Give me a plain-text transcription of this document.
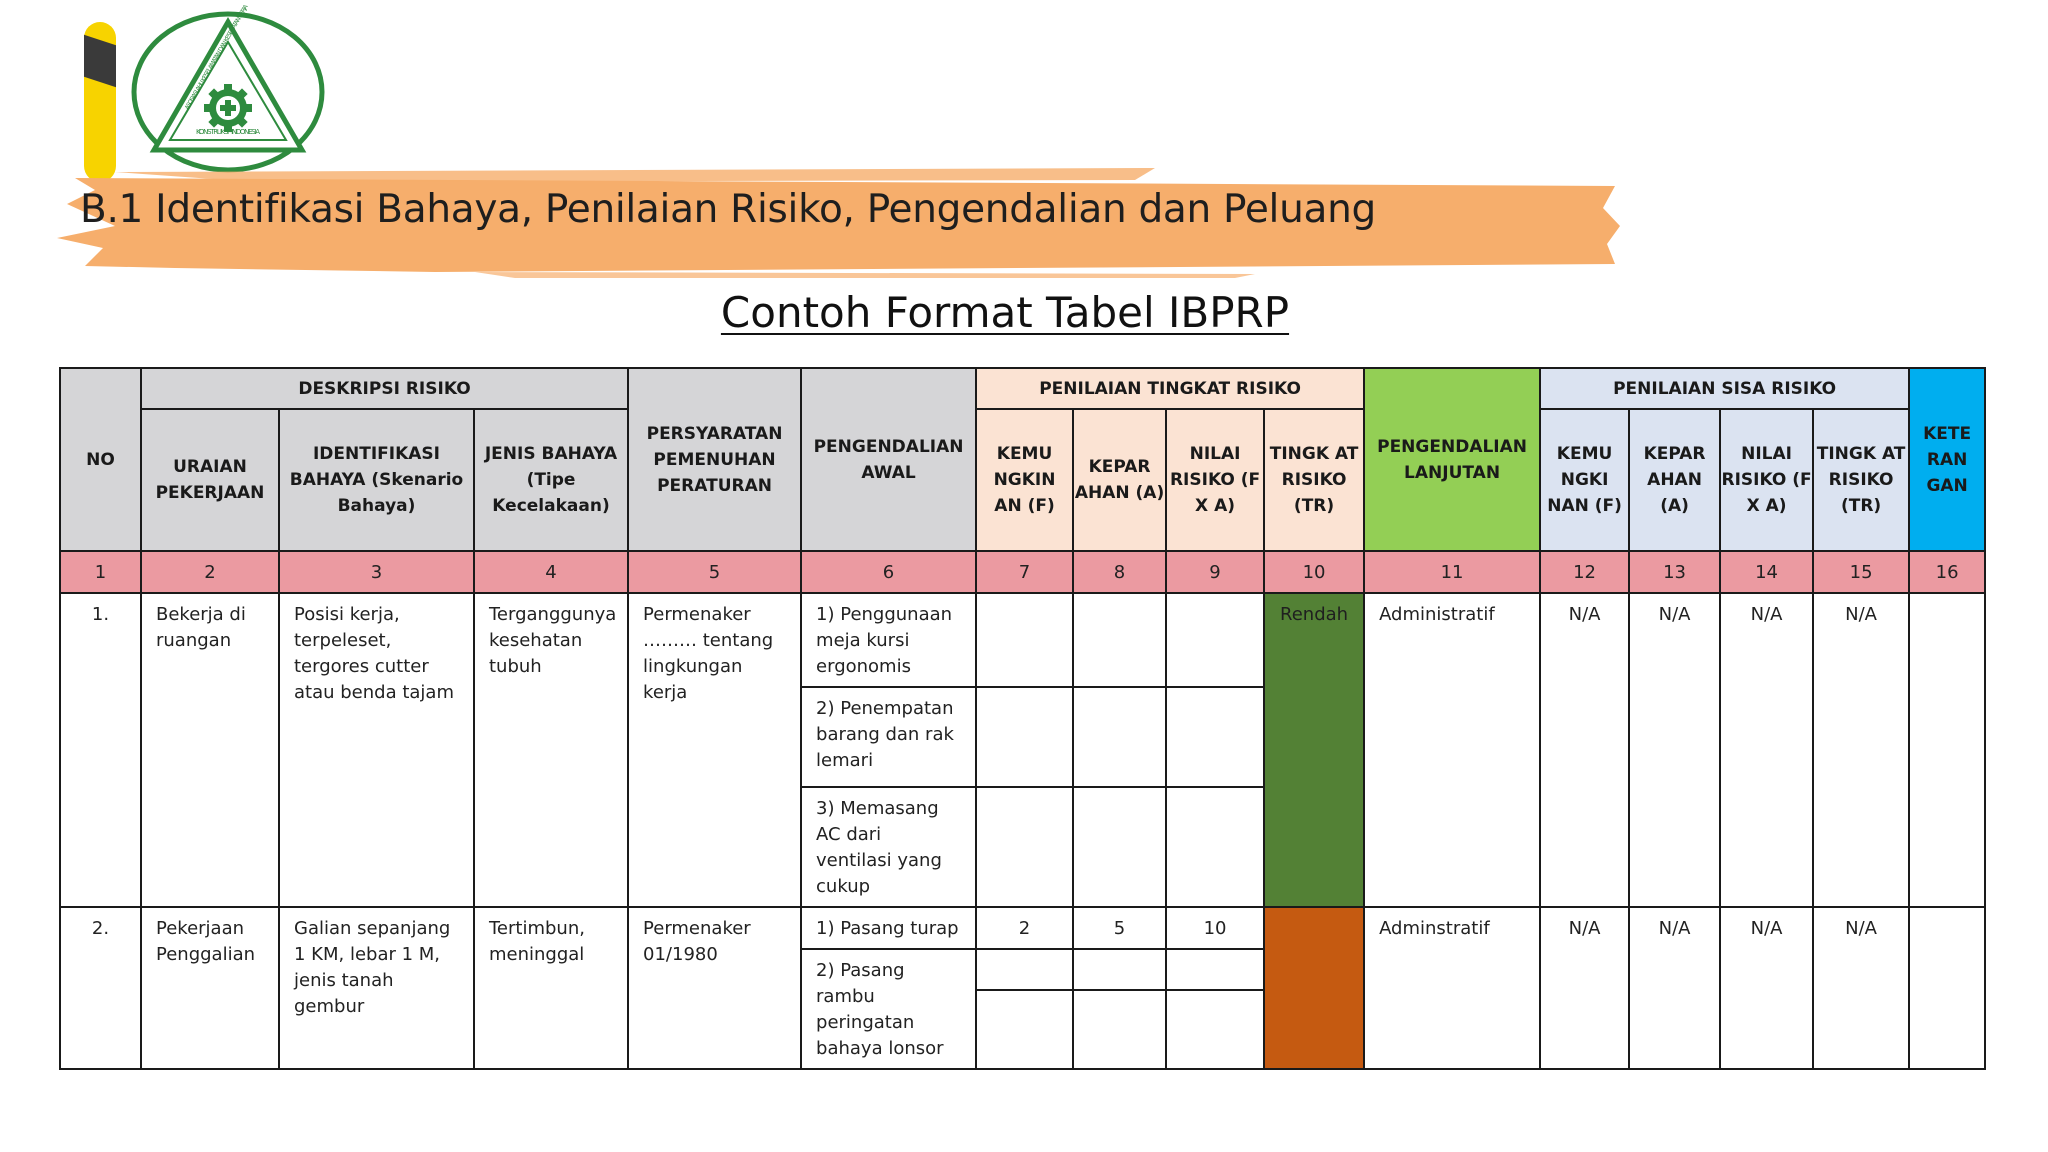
ASOSIASI AHLI KESELAMATAN DAN KESEHATAN KERJA
KONSTRUKSI - INDONESIA
B.1 Identifikasi Bahaya, Penilaian Risiko, Pengendalian dan Peluang
Contoh Format Tabel IBPRP
NO	DESKRIPSI RISIKO			PERSYARATAN PEMENUHAN PERATURAN	PENGENDALIAN AWAL	PENILAIAN TINGKAT RISIKO				PENGENDALIAN LANJUTAN	PENILAIAN SISA RISIKO				KETE RAN GAN
	URAIAN PEKERJAAN	IDENTIFIKASI BAHAYA (Skenario Bahaya)	JENIS BAHAYA (Tipe Kecelakaan)			KEMU NGKIN AN (F)	KEPAR AHAN (A)	NILAI RISIKO (F X A)	TINGK AT RISIKO (TR)		KEMU NGKI NAN (F)	KEPAR AHAN (A)	NILAI RISIKO (F X A)	TINGK AT RISIKO (TR)	
1	2	3	4	5	6	7	8	9	10	11	12	13	14	15	16
1.	Bekerja di ruangan	Posisi kerja, terpeleset, tergores cutter atau benda tajam	Terganggunya kesehatan tubuh	Permenaker ……… tentang lingkungan kerja	1) Penggunaan meja kursi ergonomis				Rendah	Administratif	N/A	N/A	N/A	N/A	
					2) Penempatan barang dan rak lemari										
					3) Memasang AC dari ventilasi yang cukup										
2.	Pekerjaan Penggalian	Galian sepanjang 1 KM, lebar 1 M, jenis tanah gembur	Tertimbun, meninggal	Permenaker 01/1980	1) Pasang turap	2	5	10		Adminstratif	N/A	N/A	N/A	N/A	
					2) Pasang rambu peringatan bahaya lonsor										
